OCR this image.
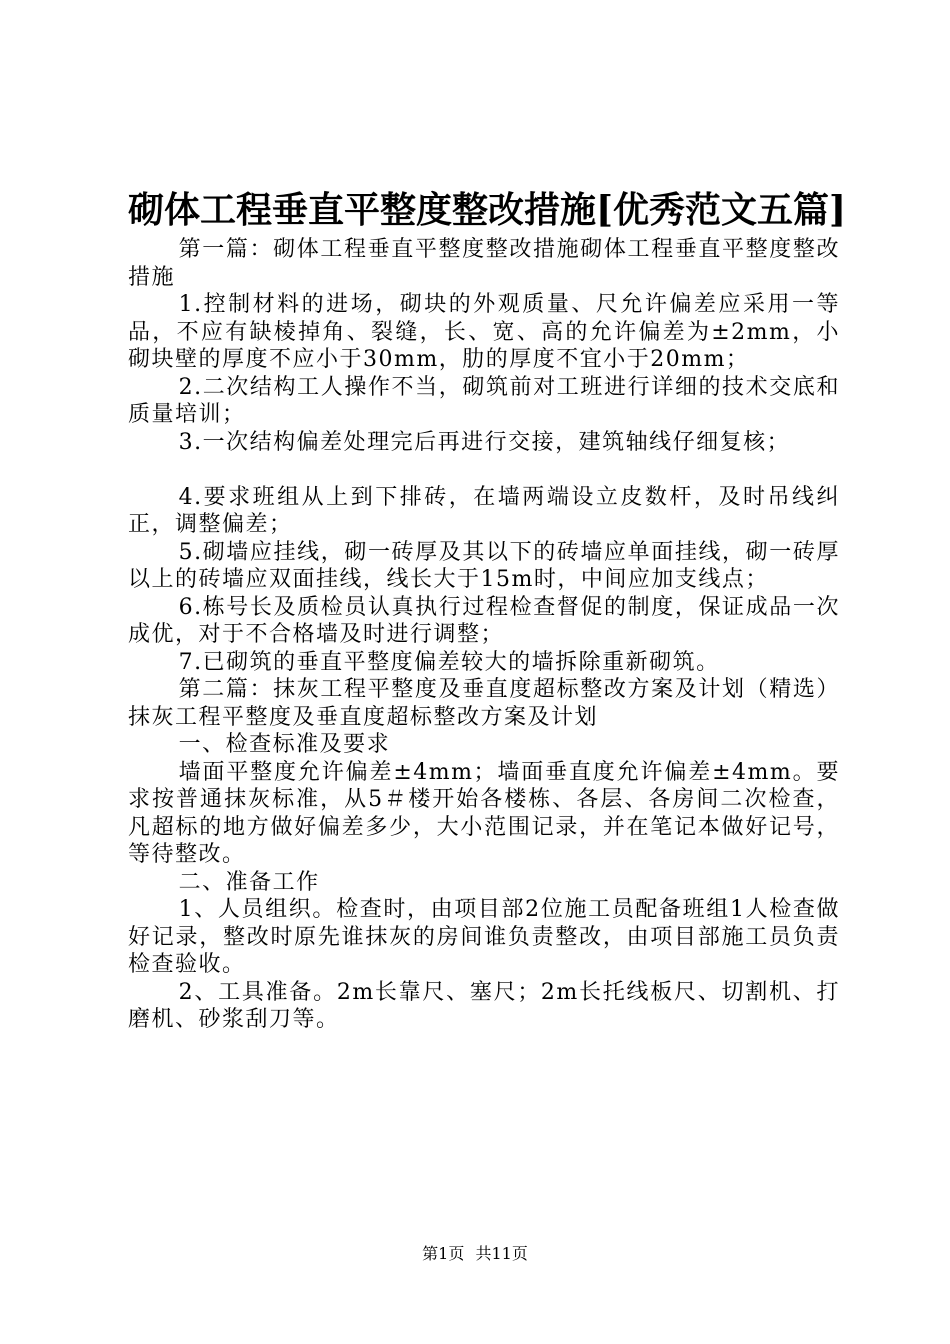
砌体工程垂直平整度整改措施[优秀范文五篇]

第一篇：砌体工程垂直平整度整改措施砌体工程垂直平整度整改措施

1.控制材料的进场，砌块的外观质量、尺允许偏差应采用一等品，不应有缺棱掉角、裂缝，长、宽、高的允许偏差为±2mm，小砌块壁的厚度不应小于30mm，肋的厚度不宜小于20mm；

2.二次结构工人操作不当，砌筑前对工班进行详细的技术交底和质量培训；

3.一次结构偏差处理完后再进行交接，建筑轴线仔细复核；

4.要求班组从上到下排砖，在墙两端设立皮数杆，及时吊线纠正，调整偏差；

5.砌墙应挂线，砌一砖厚及其以下的砖墙应单面挂线，砌一砖厚以上的砖墙应双面挂线，线长大于15m时，中间应加支线点；

6.栋号长及质检员认真执行过程检查督促的制度，保证成品一次成优，对于不合格墙及时进行调整；

7.已砌筑的垂直平整度偏差较大的墙拆除重新砌筑。

第二篇：抹灰工程平整度及垂直度超标整改方案及计划（精选）抹灰工程平整度及垂直度超标整改方案及计划

一、检查标准及要求

墙面平整度允许偏差±4mm；墙面垂直度允许偏差±4mm。要求按普通抹灰标准，从5＃楼开始各楼栋、各层、各房间二次检查，凡超标的地方做好偏差多少，大小范围记录，并在笔记本做好记号，等待整改。

二、准备工作

1、人员组织。检查时，由项目部2位施工员配备班组1人检查做好记录，整改时原先谁抹灰的房间谁负责整改，由项目部施工员负责检查验收。

2、工具准备。2m长靠尺、塞尺；2m长托线板尺、切割机、打磨机、砂浆刮刀等。

第1页 共11页
